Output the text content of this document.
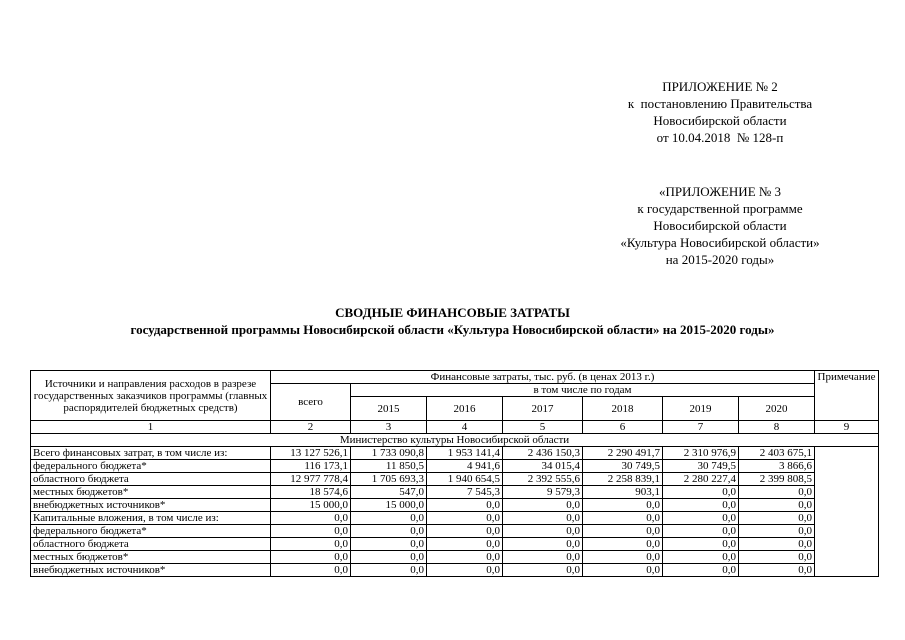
ПРИЛОЖЕНИЕ № 2
к  постановлению Правительства
Новосибирской области
от 10.04.2018  № 128-п
«ПРИЛОЖЕНИЕ № 3
к государственной программе
Новосибирской области
«Культура Новосибирской области»
на 2015-2020 годы»
СВОДНЫЕ ФИНАНСОВЫЕ ЗАТРАТЫ
государственной программы Новосибирской области «Культура Новосибирской области» на 2015-2020 годы»
Источники и направления расходов в разрезе государственных заказчиков программы (главных распорядителей бюджетных средств)	Финансовые затраты, тыс. руб. (в ценах 2013 г.)							Примечание
	всего	в том числе по годам						
		2015	2016	2017	2018	2019	2020	
1	2	3	4	5	6	7	8	9
Министерство культуры Новосибирской области								
Всего финансовых затрат, в том числе из:	13 127 526,1	1 733 090,8	1 953 141,4	2 436 150,3	2 290 491,7	2 310 976,9	2 403 675,1	
федерального бюджета*	116 173,1	11 850,5	4 941,6	34 015,4	30 749,5	30 749,5	3 866,6	
областного бюджета	12 977 778,4	1 705 693,3	1 940 654,5	2 392 555,6	2 258 839,1	2 280 227,4	2 399 808,5	
местных бюджетов*	18 574,6	547,0	7 545,3	9 579,3	903,1	0,0	0,0	
внебюджетных источников*	15 000,0	15 000,0	0,0	0,0	0,0	0,0	0,0	
Капитальные вложения, в том числе из:	0,0	0,0	0,0	0,0	0,0	0,0	0,0	
федерального бюджета*	0,0	0,0	0,0	0,0	0,0	0,0	0,0	
областного бюджета	0,0	0,0	0,0	0,0	0,0	0,0	0,0	
местных бюджетов*	0,0	0,0	0,0	0,0	0,0	0,0	0,0	
внебюджетных источников*	0,0	0,0	0,0	0,0	0,0	0,0	0,0	
